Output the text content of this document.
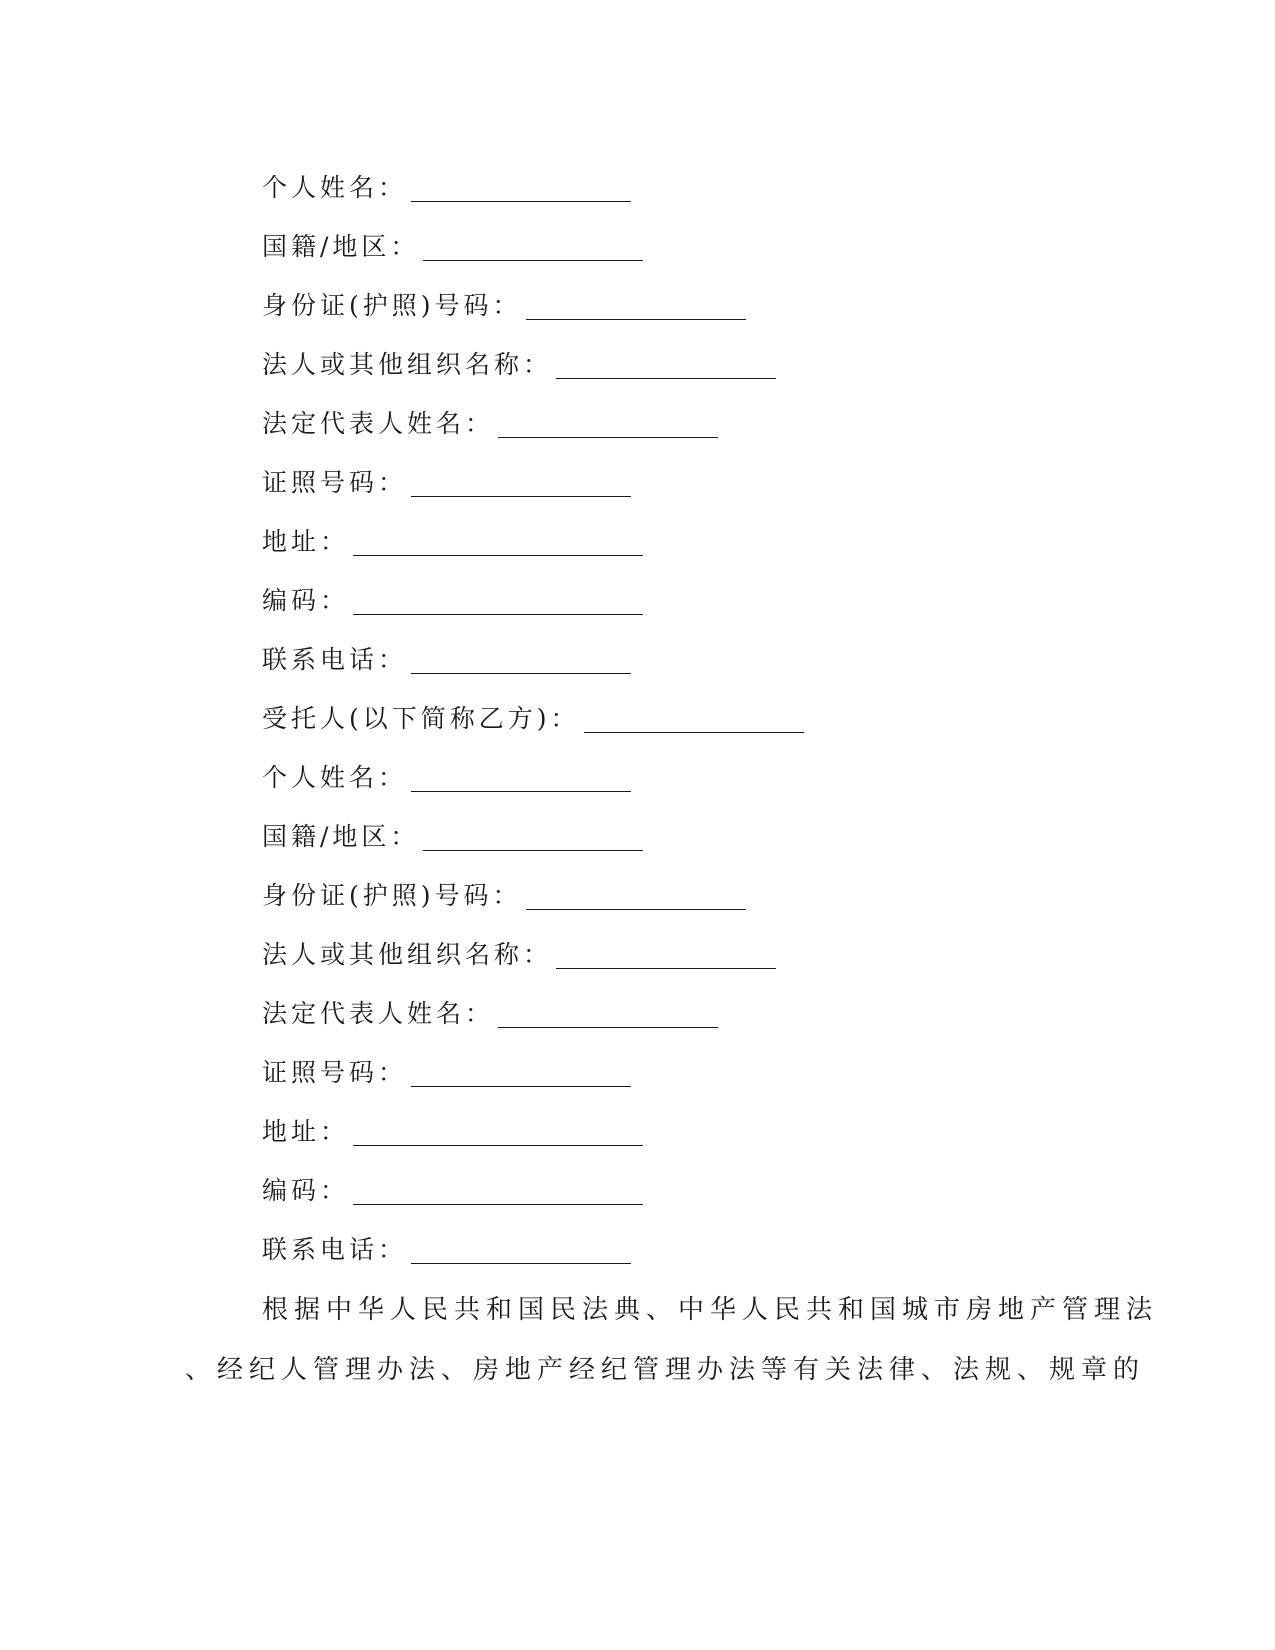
个人姓名：
国籍/地区：
身份证(护照)号码：
法人或其他组织名称：
法定代表人姓名：
证照号码：
地址：
编码：
联系电话：
受托人(以下简称乙方)：
个人姓名：
国籍/地区：
身份证(护照)号码：
法人或其他组织名称：
法定代表人姓名：
证照号码：
地址：
编码：
联系电话：
根据中华人民共和国民法典、中华人民共和国城市房地产管理法
、经纪人管理办法、房地产经纪管理办法等有关法律、法规、规章的
